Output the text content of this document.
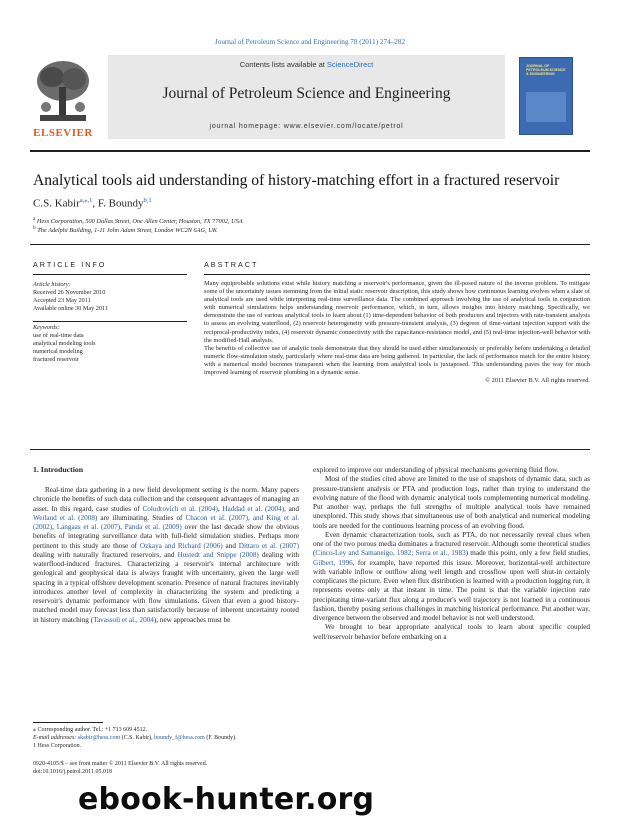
Journal of Petroleum Science and Engineering 78 (2011) 274–282
ELSEVIER
Contents lists available at ScienceDirect
Journal of Petroleum Science and Engineering
journal homepage: www.elsevier.com/locate/petrol
JOURNAL OF PETROLEUM SCIENCE & ENGINEERING
Analytical tools aid understanding of history-matching effort in a fractured reservoir
C.S. Kabir$^{a,⁎,1}$, F. Boundy$^{b,1}$
$^a$ Hess Corporation, 500 Dallas Street, One Allen Center, Houston, TX 77002, USA
$^b$ The Adelphi Building, 1-11 John Adam Street, London WC2N 6AG, UK
ARTICLE INFO	ABSTRACT
Article history:
Received 26 November 2010
Accepted 23 May 2011
Available online 30 May 2011
Keywords:
use of real-time data
analytical modeling tools
numerical modeling
fractured reservoir

Many equiprobable solutions exist while history matching a reservoir's performance, given the ill-posed nature of the inverse problem. To mitigate some of the uncertainty issues stemming from the initial static reservoir description, this study shows how continuous learning evolves when a slate of analytical tools are used while interpreting real-time surveillance data. The combined approach involving the use of analytical tools in conjunction with numerical simulations helps understanding reservoir performance, which, in turn, allows insights into history matching. Specifically, we demonstrate the use of various analytical tools to learn about (1) time-dependent behavior of both producers and injectors with rate-transient analysis to assess an evolving waterflood, (2) reservoir heterogeneity with pressure-transient analysis, (3) degrees of time-variant injection support with the reciprocal-productivity index, (4) reservoir dynamic connectivity with the capacitance-resistance model, and (5) real-time injection-well behavior with the modified-Hall analysis.

The benefits of collective use of analytic tools demonstrate that they should be used either simultaneously or preferably before undertaking a detailed numeric flow-simulation study, particularly where real-time data are being gathered. In particular, the lack of performance match for the entire history with a numerical model becomes transparent when the learning from analytical tools is juxtaposed. This understanding paves the way for much improved learning of reservoir plumbing in a dynamic sense.

© 2011 Elsevier B.V. All rights reserved.

1. Introduction

Real-time data gathering in a new field development setting is the norm. Many papers chronicle the benefits of such data collection and the consequent advantages of managing an asset. In this regard, case studies of Coludrovich et al. (2004), Haddad et al. (2004), and Weiland et al. (2008) are illuminating. Studies of Chacon et al. (2007), and King et al. (2002), Langaas et al. (2007), Panda et al. (2009) over the last decade show the obvious benefits of integrating surveillance data with full-field simulation studies. Perhaps more pertinent to this study are those of Ozkaya and Richard (2006) and Dittaro et al. (2007) dealing with naturally fractured reservoirs, and Hustedt and Snippe (2008) dealing with waterflood-induced fractures. Characterizing a reservoir's internal architecture with geological and geophysical data is always fraught with uncertainty, given the large well spacing in a typical offshore development scenario. Presence of natural fractures inevitably introduces another level of complexity in characterizing the system and predicting a reservoir's dynamic performance with flow simulations. Given that even a good history-matched model may forecast less than satisfactorily because of inherent uncertainty rooted in history matching (Tavassoli et al., 2004), new approaches must be

explored to improve our understanding of physical mechanisms governing fluid flow.

Most of the studies cited above are limited to the use of snapshots of dynamic data, such as pressure-transient analysis or PTA and production logs, rather than trying to understand the evolving nature of the flood with dynamic analytical tools complementing numerical modeling. Put another way, perhaps the full strengths of multiple analytical tools have remained unexplored. This study shows that simultaneous use of both analytical and numerical modeling tools are needed for the continuous learning process of an evolving flood.

Even dynamic characterization tools, such as PTA, do not necessarily reveal clues when one of the two porous media dominates a fractured reservoir. Although some theoretical studies (Cinco-Ley and Samaneigo, 1982; Serra et al., 1983) made this point, only a few field studies, Gilbert, 1996, for example, have reported this issue. Moreover, horizontal-well architecture with variable inflow or outflow along well length and crossflow upon well shut-in certainly complicates the picture. Even when flux distribution is learned with a production logging run, it represents events only at that instant in time. The point is that the variable injection rate precipitating time-variant flux along a producer's well trajectory is not learned in a continuous fashion, thereby posing serious challenges in matching historical performance. Put another way, divergence between the observed and model behavior is not well understood.

We brought to bear appropriate analytical tools to learn about specific coupled well/reservoir behavior before embarking on a

⁎ Corresponding author. Tel.: +1 713 609 4512.
E-mail addresses: skabir@hess.com (C.S. Kabir), boundy_f@hess.com (F. Boundy).
1 Hess Corporation.
0920-4105/$ – see front matter © 2011 Elsevier B.V. All rights reserved.
doi:10.1016/j.petrol.2011.05.018
ebook-hunter.org
